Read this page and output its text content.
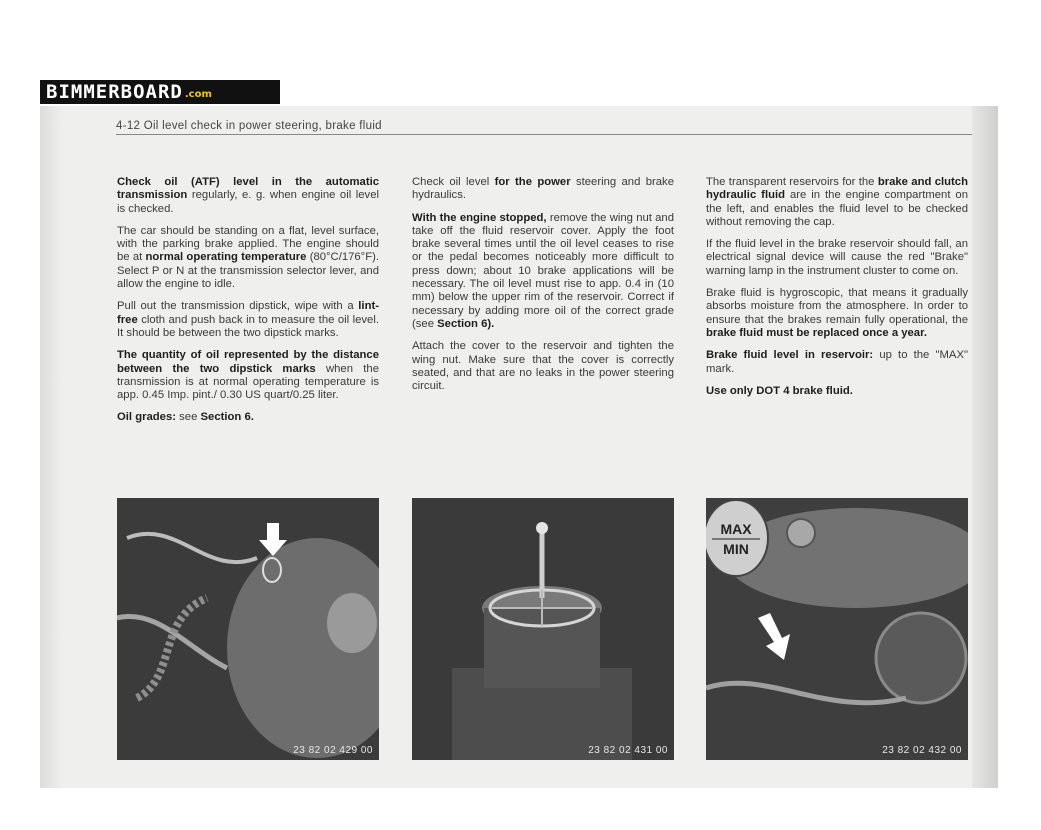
BIMMERBOARD .com
4-12 Oil level check in power steering, brake fluid

Check oil (ATF) level in the automatic transmission regularly, e. g. when engine oil level is checked.

The car should be standing on a flat, level surface, with the parking brake applied. The engine should be at normal operating temperature (80°C/176°F). Select P or N at the transmission selector lever, and allow the engine to idle.

Pull out the transmission dipstick, wipe with a lint-free cloth and push back in to measure the oil level. It should be between the two dipstick marks.

The quantity of oil represented by the distance between the two dipstick marks when the transmission is at normal operating temperature is app. 0.45 Imp. pint./ 0.30 US quart/0.25 liter.

Oil grades: see Section 6.

Check oil level for the power steering and brake hydraulics.

With the engine stopped, remove the wing nut and take off the fluid reservoir cover. Apply the foot brake several times until the oil level ceases to rise or the pedal becomes noticeably more difficult to press down; about 10 brake applications will be necessary. The oil level must rise to app. 0.4 in (10 mm) below the upper rim of the reservoir. Correct if necessary by adding more oil of the correct grade (see Section 6).

Attach the cover to the reservoir and tighten the wing nut. Make sure that the cover is correctly seated, and that are no leaks in the power steering circuit.

The transparent reservoirs for the brake and clutch hydraulic fluid are in the engine compartment on the left, and enables the fluid level to be checked without removing the cap.

If the fluid level in the brake reservoir should fall, an electrical signal device will cause the red "Brake" warning lamp in the instrument cluster to come on.

Brake fluid is hygroscopic, that means it gradually absorbs moisture from the atmosphere. In order to ensure that the brakes remain fully operational, the brake fluid must be replaced once a year.

Brake fluid level in reservoir: up to the "MAX" mark.

Use only DOT 4 brake fluid.

23 82 02 429 00	23 82 02 431 00
MAX
MIN
23 82 02 432 00
